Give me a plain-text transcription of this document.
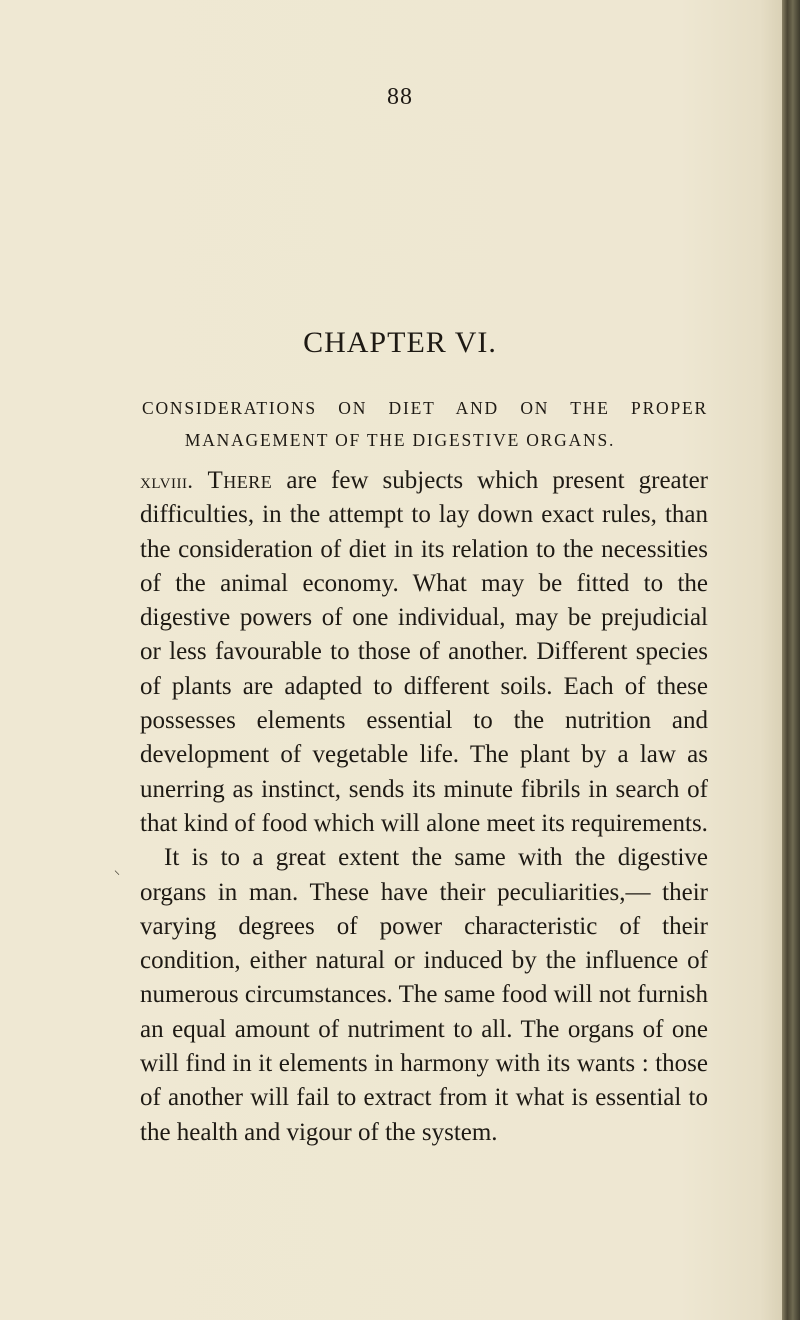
88
CHAPTER VI.
CONSIDERATIONS ON DIET AND ON THE PROPER
MANAGEMENT OF THE DIGESTIVE ORGANS.

xlviii. There are few subjects which present greater difficulties, in the attempt to lay down exact rules, than the consideration of diet in its relation to the necessities of the animal economy. What may be fitted to the digestive powers of one individual, may be prejudicial or less favourable to those of another. Different species of plants are adapted to different soils. Each of these possesses elements essential to the nutrition and development of vegetable life. The plant by a law as unerring as instinct, sends its minute fibrils in search of that kind of food which will alone meet its requirements.

It is to a great extent the same with the digestive organs in man. These have their peculiarities,— their varying degrees of power characteristic of their condition, either natural or induced by the influence of numerous circumstances. The same food will not furnish an equal amount of nutriment to all. The organs of one will find in it elements in harmony with its wants : those of another will fail to extract from it what is essential to the health and vigour of the system.

⸌
